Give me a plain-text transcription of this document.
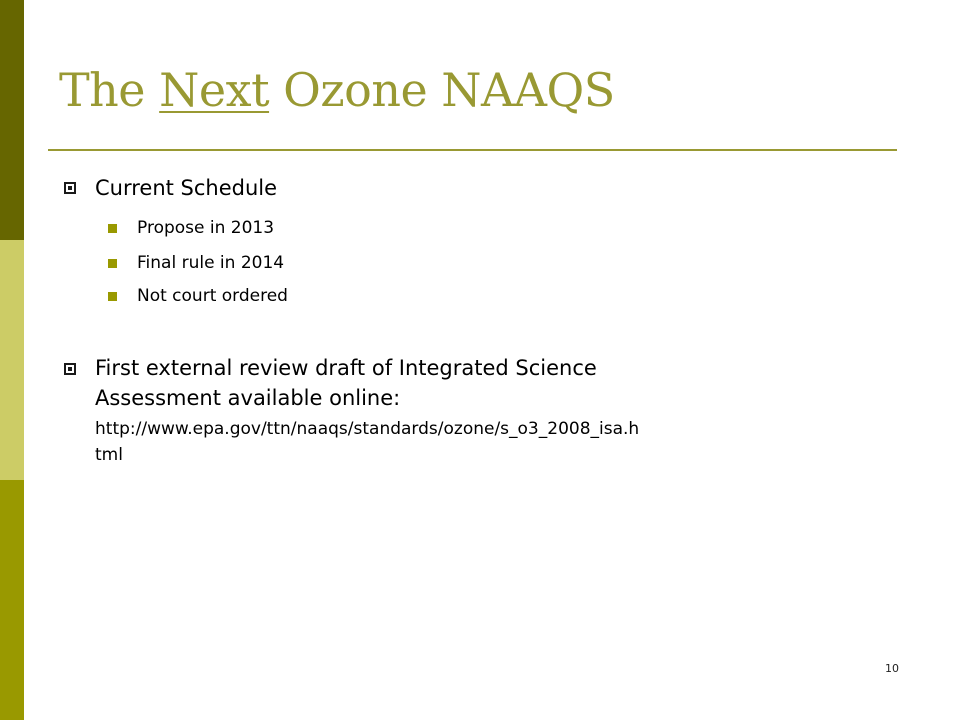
The Next Ozone NAAQS
Current Schedule
Propose in 2013
Final rule in 2014
Not court ordered
First external review draft of Integrated Science
Assessment available online:
http://www.epa.gov/ttn/naaqs/standards/ozone/s_o3_2008_isa.h
tml
10
